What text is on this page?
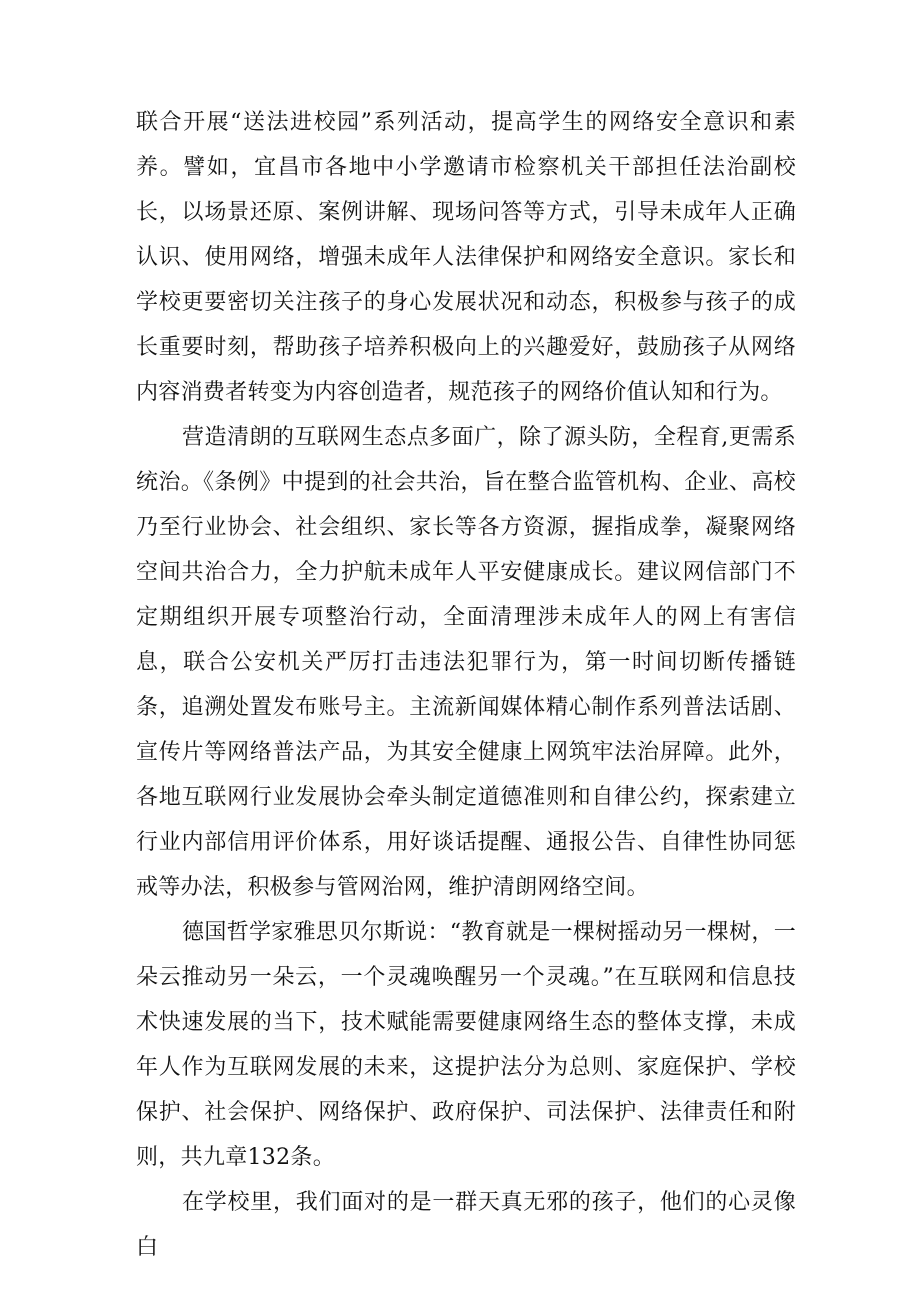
联合开展“送法进校园”系列活动，提高学生的网络安全意识和素养。譬如，宜昌市各地中小学邀请市检察机关干部担任法治副校长，以场景还原、案例讲解、现场问答等方式，引导未成年人正确认识、使用网络，增强未成年人法律保护和网络安全意识。家长和学校更要密切关注孩子的身心发展状况和动态，积极参与孩子的成长重要时刻，帮助孩子培养积极向上的兴趣爱好，鼓励孩子从网络内容消费者转变为内容创造者，规范孩子的网络价值认知和行为。

营造清朗的互联网生态点多面广，除了源头防，全程育,更需系统治。《条例》中提到的社会共治，旨在整合监管机构、企业、高校乃至行业协会、社会组织、家长等各方资源，握指成拳，凝聚网络空间共治合力，全力护航未成年人平安健康成长。建议网信部门不定期组织开展专项整治行动，全面清理涉未成年人的网上有害信息，联合公安机关严厉打击违法犯罪行为，第一时间切断传播链条，追溯处置发布账号主。主流新闻媒体精心制作系列普法话剧、宣传片等网络普法产品，为其安全健康上网筑牢法治屏障。此外，各地互联网行业发展协会牵头制定道德准则和自律公约，探索建立行业内部信用评价体系，用好谈话提醒、通报公告、自律性协同惩戒等办法，积极参与管网治网，维护清朗网络空间。

德国哲学家雅思贝尔斯说：“教育就是一棵树摇动另一棵树，一朵云推动另一朵云，一个灵魂唤醒另一个灵魂。”在互联网和信息技术快速发展的当下，技术赋能需要健康网络生态的整体支撑，未成年人作为互联网发展的未来，这提护法分为总则、家庭保护、学校保护、社会保护、网络保护、政府保护、司法保护、法律责任和附则，共九章132条。

在学校里，我们面对的是一群天真无邪的孩子，他们的心灵像白
